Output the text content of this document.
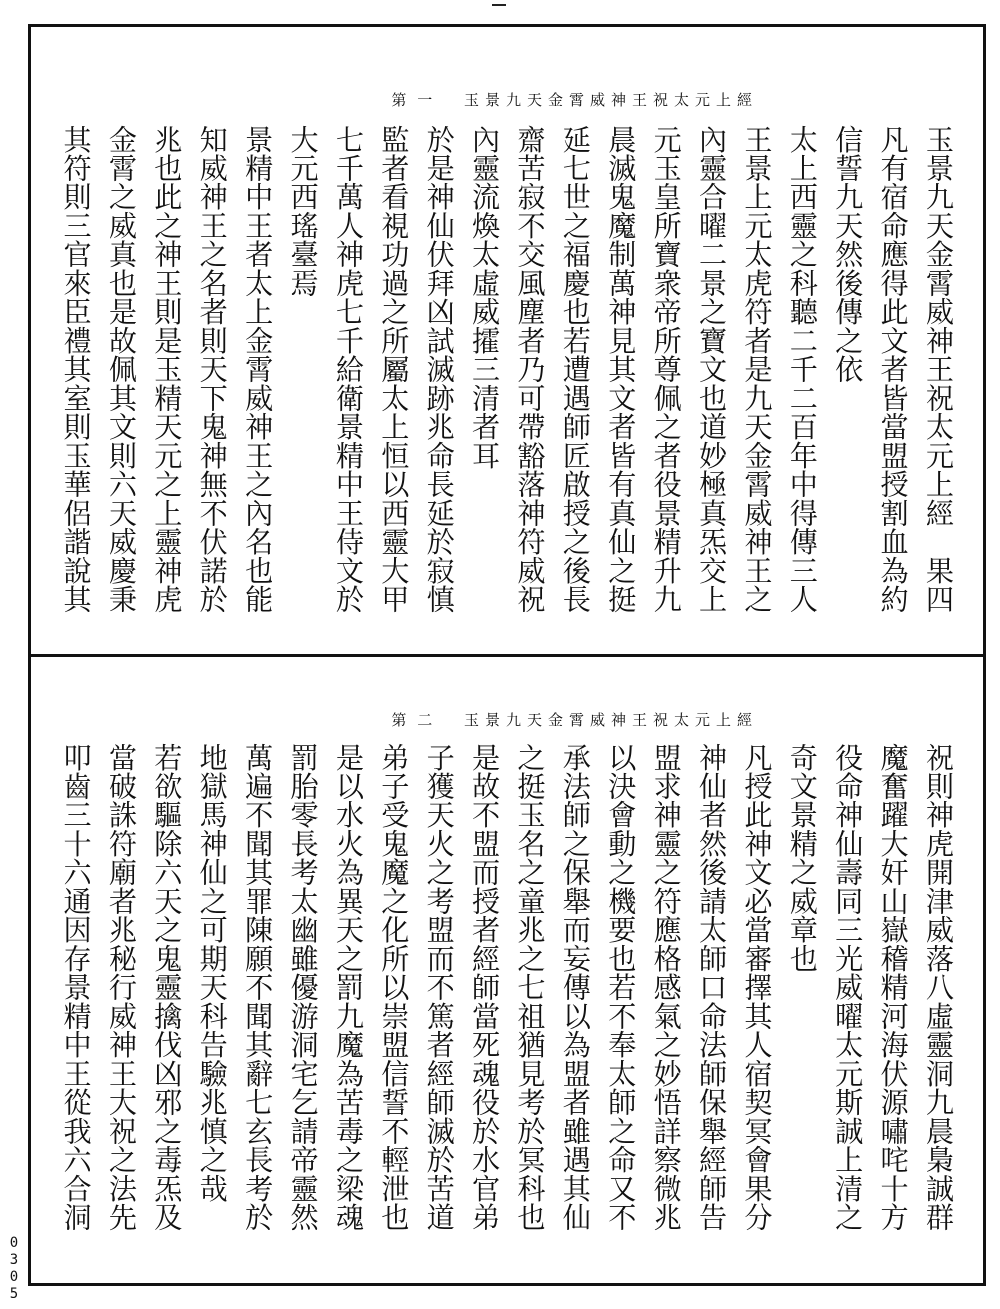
第 一 玉景九天金霄威神王祝太元上經
玉景九天金霄威神王祝太元上經　果四
凡有宿命應得此文者皆當盟授割血為約
信誓九天然後傳之依
太上西靈之科聽二千二百年中得傳三人
王景上元太虎符者是九天金霄威神王之
內靈合曜二景之寶文也道妙極真炁交上
元玉皇所寶衆帝所尊佩之者役景精升九
晨滅鬼魔制萬神見其文者皆有真仙之挺
延七世之福慶也若遭遇師匠啟授之後長
齋苦寂不交風塵者乃可帶豁落神符威祝
內靈流煥太虛威攉三清者耳
於是神仙伏拜凶試滅跡兆命長延於寂慎
監者看視功過之所屬太上恒以西靈大甲
七千萬人神虎七千給衛景精中王侍文於
大元西瑤臺焉
景精中王者太上金霄威神王之內名也能
知威神王之名者則天下鬼神無不伏諾於
兆也此之神王則是玉精天元之上靈神虎
金霄之威真也是故佩其文則六天威慶秉
其符則三官來臣禮其室則玉華侶諧說其
第 二 玉景九天金霄威神王祝太元上經
祝則神虎開津威落八虛靈洞九晨梟誠群
魔奮躍大奸山嶽稽精河海伏源嘯咤十方
役命神仙壽同三光威曜太元斯誠上清之
奇文景精之威章也
凡授此神文必當審擇其人宿契冥會果分
神仙者然後請太師口命法師保舉經師告
盟求神靈之符應格感氣之妙悟詳察微兆
以決會動之機要也若不奉太師之命又不
承法師之保舉而妄傳以為盟者雖遇其仙
之挺玉名之童兆之七祖猶見考於冥科也
是故不盟而授者經師當死魂役於水官弟
子獲天火之考盟而不篤者經師滅於苦道
弟子受鬼魔之化所以崇盟信誓不輕泄也
是以水火為異天之罰九魔為苦毒之梁魂
罰胎零長考太幽雖優游洞宅乞請帝靈然
萬遍不聞其罪陳願不聞其辭七玄長考於
地獄馬神仙之可期天科告驗兆慎之哉
若欲驅除六天之鬼靈擒伐凶邪之毒炁及
當破誅符廟者兆秘行威神王大祝之法先
叩齒三十六通因存景精中王從我六合洞
0305
